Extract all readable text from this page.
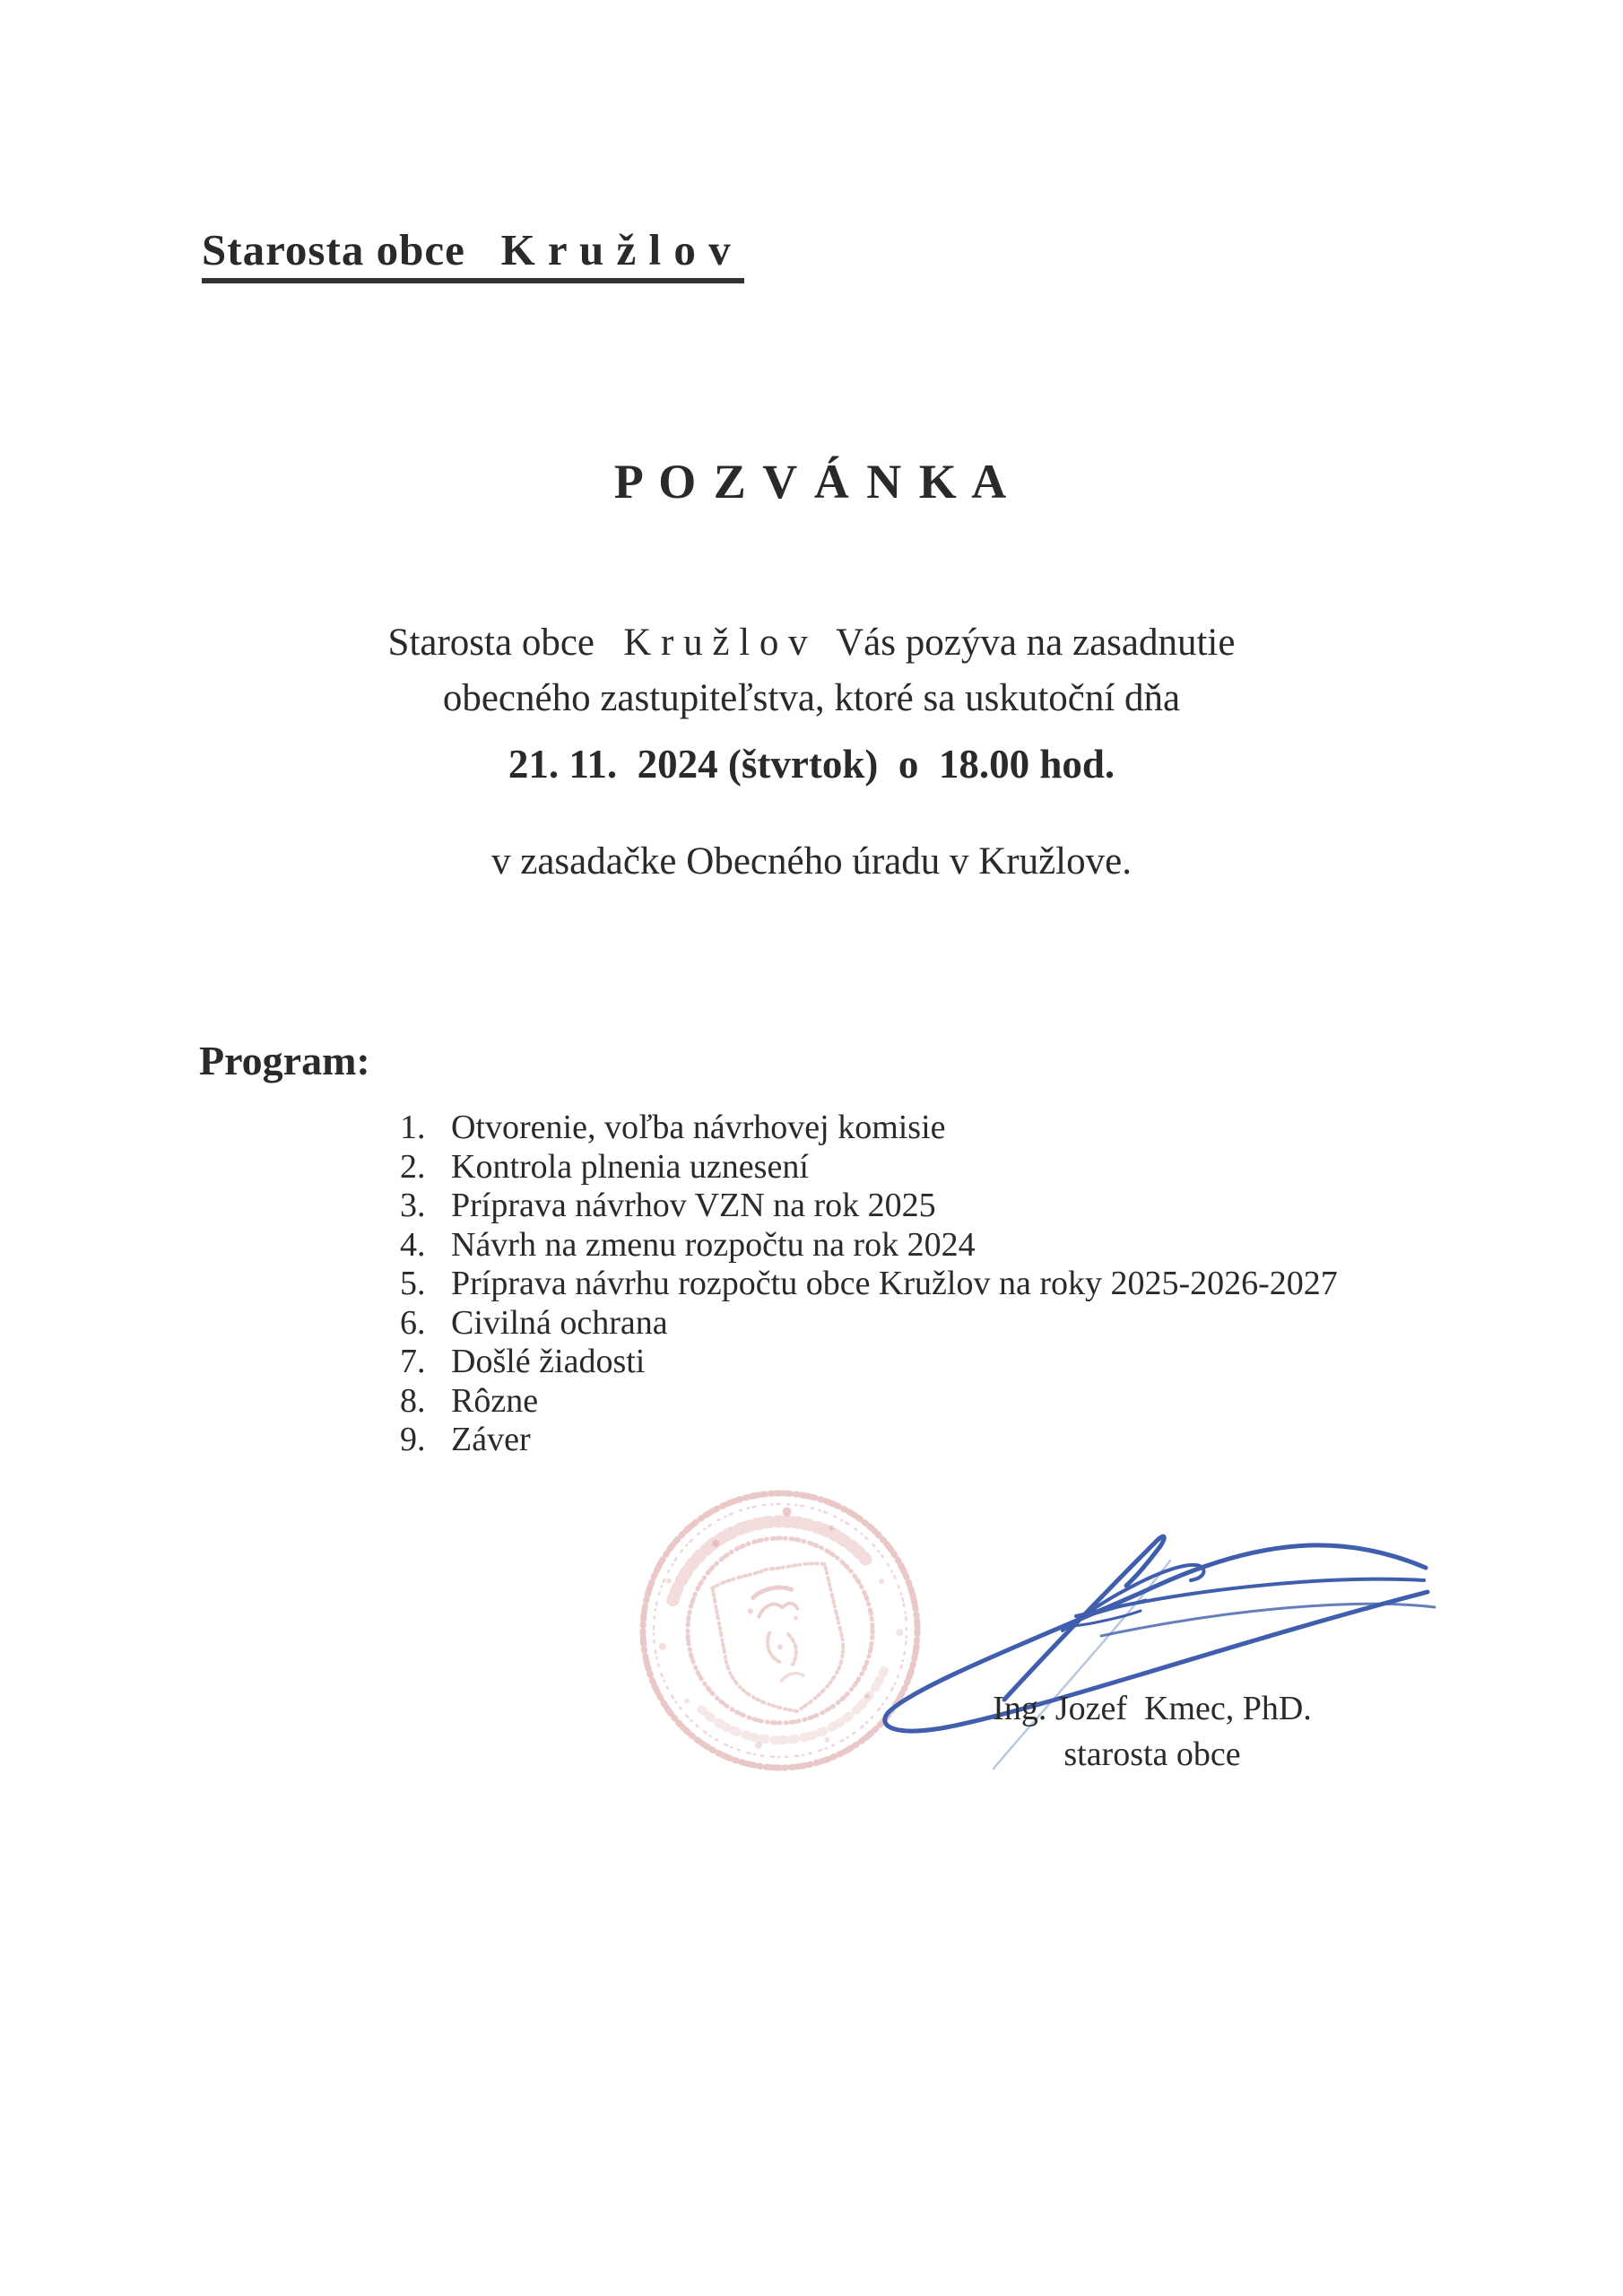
Starosta obce   K r u ž l o v
P O Z V Á N K A
Starosta obce   K r u ž l o v   Vás pozýva na zasadnutie
obecného zastupiteľstva, ktoré sa uskutoční dňa
21. 11.  2024 (štvrtok)  o  18.00 hod.
v zasadačke Obecného úradu v Kružlove.
Program:
1. Otvorenie, voľba návrhovej komisie
2. Kontrola plnenia uznesení
3. Príprava návrhov VZN na rok 2025
4. Návrh na zmenu rozpočtu na rok 2024
5. Príprava návrhu rozpočtu obce Kružlov na roky 2025-2026-2027
6. Civilná ochrana
7. Došlé žiadosti
8. Rôzne
9. Záver
Ing. Jozef  Kmec, PhD.
starosta obce
